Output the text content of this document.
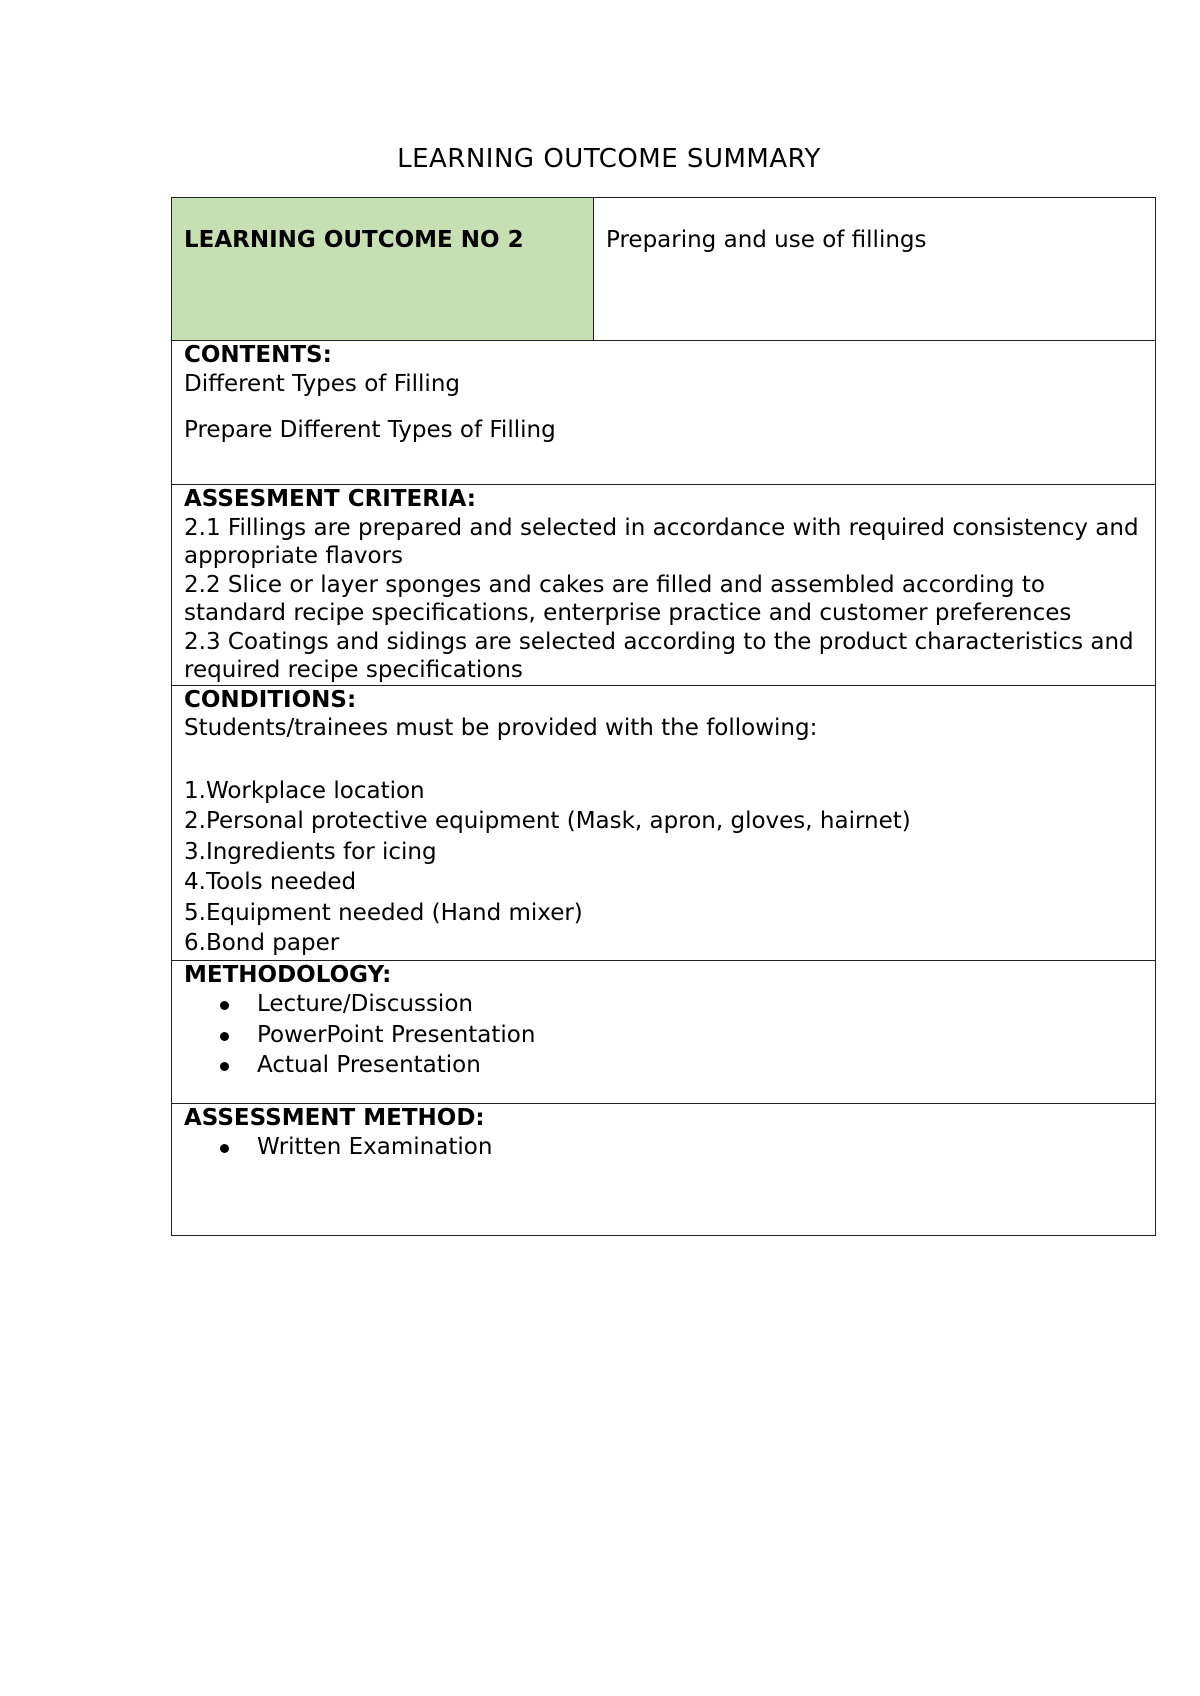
LEARNING OUTCOME SUMMARY
LEARNING OUTCOME NO 2	Preparing and use of fillings

CONTENTS:

Different Types of Filling

Prepare Different Types of Filling

ASSESMENT CRITERIA:

2.1 Fillings are prepared and selected in accordance with required consistency and appropriate flavors

2.2 Slice or layer sponges and cakes are filled and assembled according to standard recipe specifications, enterprise practice and customer preferences

2.3 Coatings and sidings are selected according to the product characteristics and required recipe specifications

CONDITIONS:

Students/trainees must be provided with the following:

1.Workplace location

2.Personal protective equipment (Mask, apron, gloves, hairnet)

3.Ingredients for icing

4.Tools needed

5.Equipment needed (Hand mixer)

6.Bond paper

METHODOLOGY:
Lecture/Discussion
PowerPoint Presentation
Actual Presentation

ASSESSMENT METHOD:
Written Examination
